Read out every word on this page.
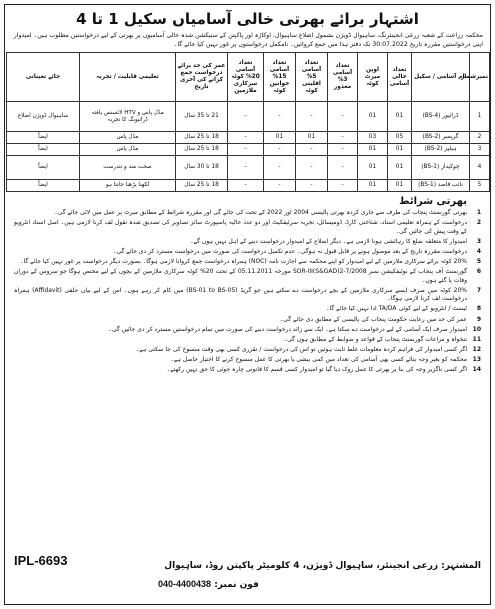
اشتہار برائے بھرتی خالی آسامیاں سکیل 1 تا 4
محکمہ زراعت کے شعبہ زرعی انجینئرنگ، ساہیوال ڈویژن بشمول اضلاع ساہیوال، اوکاڑہ اور پاکپتن کے سنیکشن شدہ خالی آسامیوں پر بھرتی کے لیے درخواستیں مطلوب ہیں۔ امیدوار اپنی درخواستیں مقررہ تاریخ 30.07.2022 تک دفتر ہذا میں جمع کروائیں۔ نامکمل درخواستوں پر غور نہیں کیا جائے گا۔
نمبرشمار	نام آسامی / سکیل	تعداد خالی آسامی	اوپن میرٹ کوٹہ	تعداد آسامی 3% معذور	تعداد آسامی 5% اقلیتی کوٹہ	تعداد آسامی 15% خواتین کوٹہ	تعداد آسامی 20% کوٹہ سرکاری ملازمین	عمر کی حد برائے درخواست جمع کرانے کی آخری تاریخ	تعلیمی قابلیت / تجربہ	جائے تعیناتی
1	ڈرائیور (BS-4)	01	01	-	-	-	-	21 تا 35 سال	مڈل پاس و HTV لائسنس یافتہ ڈرائیونگ کا تجربہ	ساہیوال ڈویژن اضلاع
2	گریسر (BS-2)	05	03	-	01	01	-	18 تا 25 سال	مڈل پاس	ایضاً
3	ہیلپر (BS-2)	01	01	-	-	-	-	18 تا 25 سال	مڈل پاس	ایضاً
4	چوکیدار (BS-1)	01	01	-	-	-	-	18 تا 30 سال	صحت مند و تندرست	ایضاً
5	نائب قاصد (BS-1)	01	01	-	-	-	-	18 تا 25 سال	لکھنا پڑھنا جانتا ہو	ایضاً
بھرتی شرائط
1
بھرتی گورنمنٹ پنجاب کی طرف سے جاری کردہ بھرتی پالیسی 2004 اور 2022 کے تحت کی جائے گی اور مقررہ شرائط کے مطابق میرٹ پر عمل میں لائی جائے گی۔
2
درخواست کے ہمراہ تعلیمی اسناد، شناختی کارڈ، ڈومیسائل، تجربہ سرٹیفکیٹ اور دو عدد حالیہ پاسپورٹ سائز تصاویر کی تصدیق شدہ نقول لف کرنا لازمی ہیں۔ اصل اسناد انٹرویو کے وقت پیش کی جائیں گی۔
3
امیدوار کا متعلقہ ضلع کا رہائشی ہونا لازمی ہے۔ دیگر اضلاع کے امیدوار درخواست دینے کے اہل نہیں ہوں گے۔
4
درخواست مقررہ تاریخ کے بعد موصول ہونے پر قابل قبول نہ ہوگی۔ عدم تکمیل درخواست کی صورت میں درخواست مسترد کر دی جائے گی۔
5
20% کوٹہ برائے سرکاری ملازمین کے لیے امیدوار کو اپنے محکمہ سے اجازت نامہ (NOC) ہمراہ درخواست جمع کروانا لازمی ہوگا۔ بصورت دیگر درخواست پر غور نہیں کیا جائے گا۔
6
گورنمنٹ آف پنجاب کے نوٹیفکیشن نمبر SOR-III(S&GAD)2-7/2008 مورخہ 05.11.2011 کے تحت 20% کوٹہ سرکاری ملازمین کے بچوں کے لیے مختص ہوگا جو سروس کے دوران وفات پا گئے ہوں۔
7
20% کوٹہ میں صرف ایسے سرکاری ملازمین کے بچے درخواست دے سکتے ہیں جو گریڈ (BS-01 to BS-05) میں کام کر رہے ہوں۔ اس کے لیے بیان حلفی (Affidavit) ہمراہ درخواست لف کرنا لازمی ہوگا۔
8
ٹیسٹ / انٹرویو کے لیے کوئی TA/DA ادا نہیں کیا جائے گا۔
9
عمر کی حد میں رعایت حکومت پنجاب کی پالیسی کے مطابق دی جائے گی۔
10
امیدوار صرف ایک آسامی کے لیے درخواست دے سکتا ہے۔ ایک سے زائد درخواست دینے کی صورت میں تمام درخواستیں مسترد کر دی جائیں گی۔
11
تنخواہ و مراعات گورنمنٹ پنجاب کے قواعد و ضوابط کے مطابق ہوں گی۔
12
اگر کسی امیدوار کی فراہم کردہ معلومات غلط ثابت ہوئیں تو اس کی درخواست / تقرری کسی بھی وقت منسوخ کی جا سکتی ہے۔
13
محکمہ کو بغیر وجہ بتائے کسی بھی آسامی کی تعداد میں کمی بیشی یا بھرتی کا عمل منسوخ کرنے کا اختیار حاصل ہے۔
14
اگر کسی ناگزیر وجہ کی بنا پر بھرتی کا عمل روک دیا گیا تو امیدوار کسی قسم کا قانونی چارہ جوئی کا حق نہیں رکھتے۔
IPL-6693	المشتہر: زرعی انجینئر، ساہیوال ڈویژن، 4 کلومیٹر پاکپتن روڈ، ساہیوال
فون نمبر: 040-4400438
